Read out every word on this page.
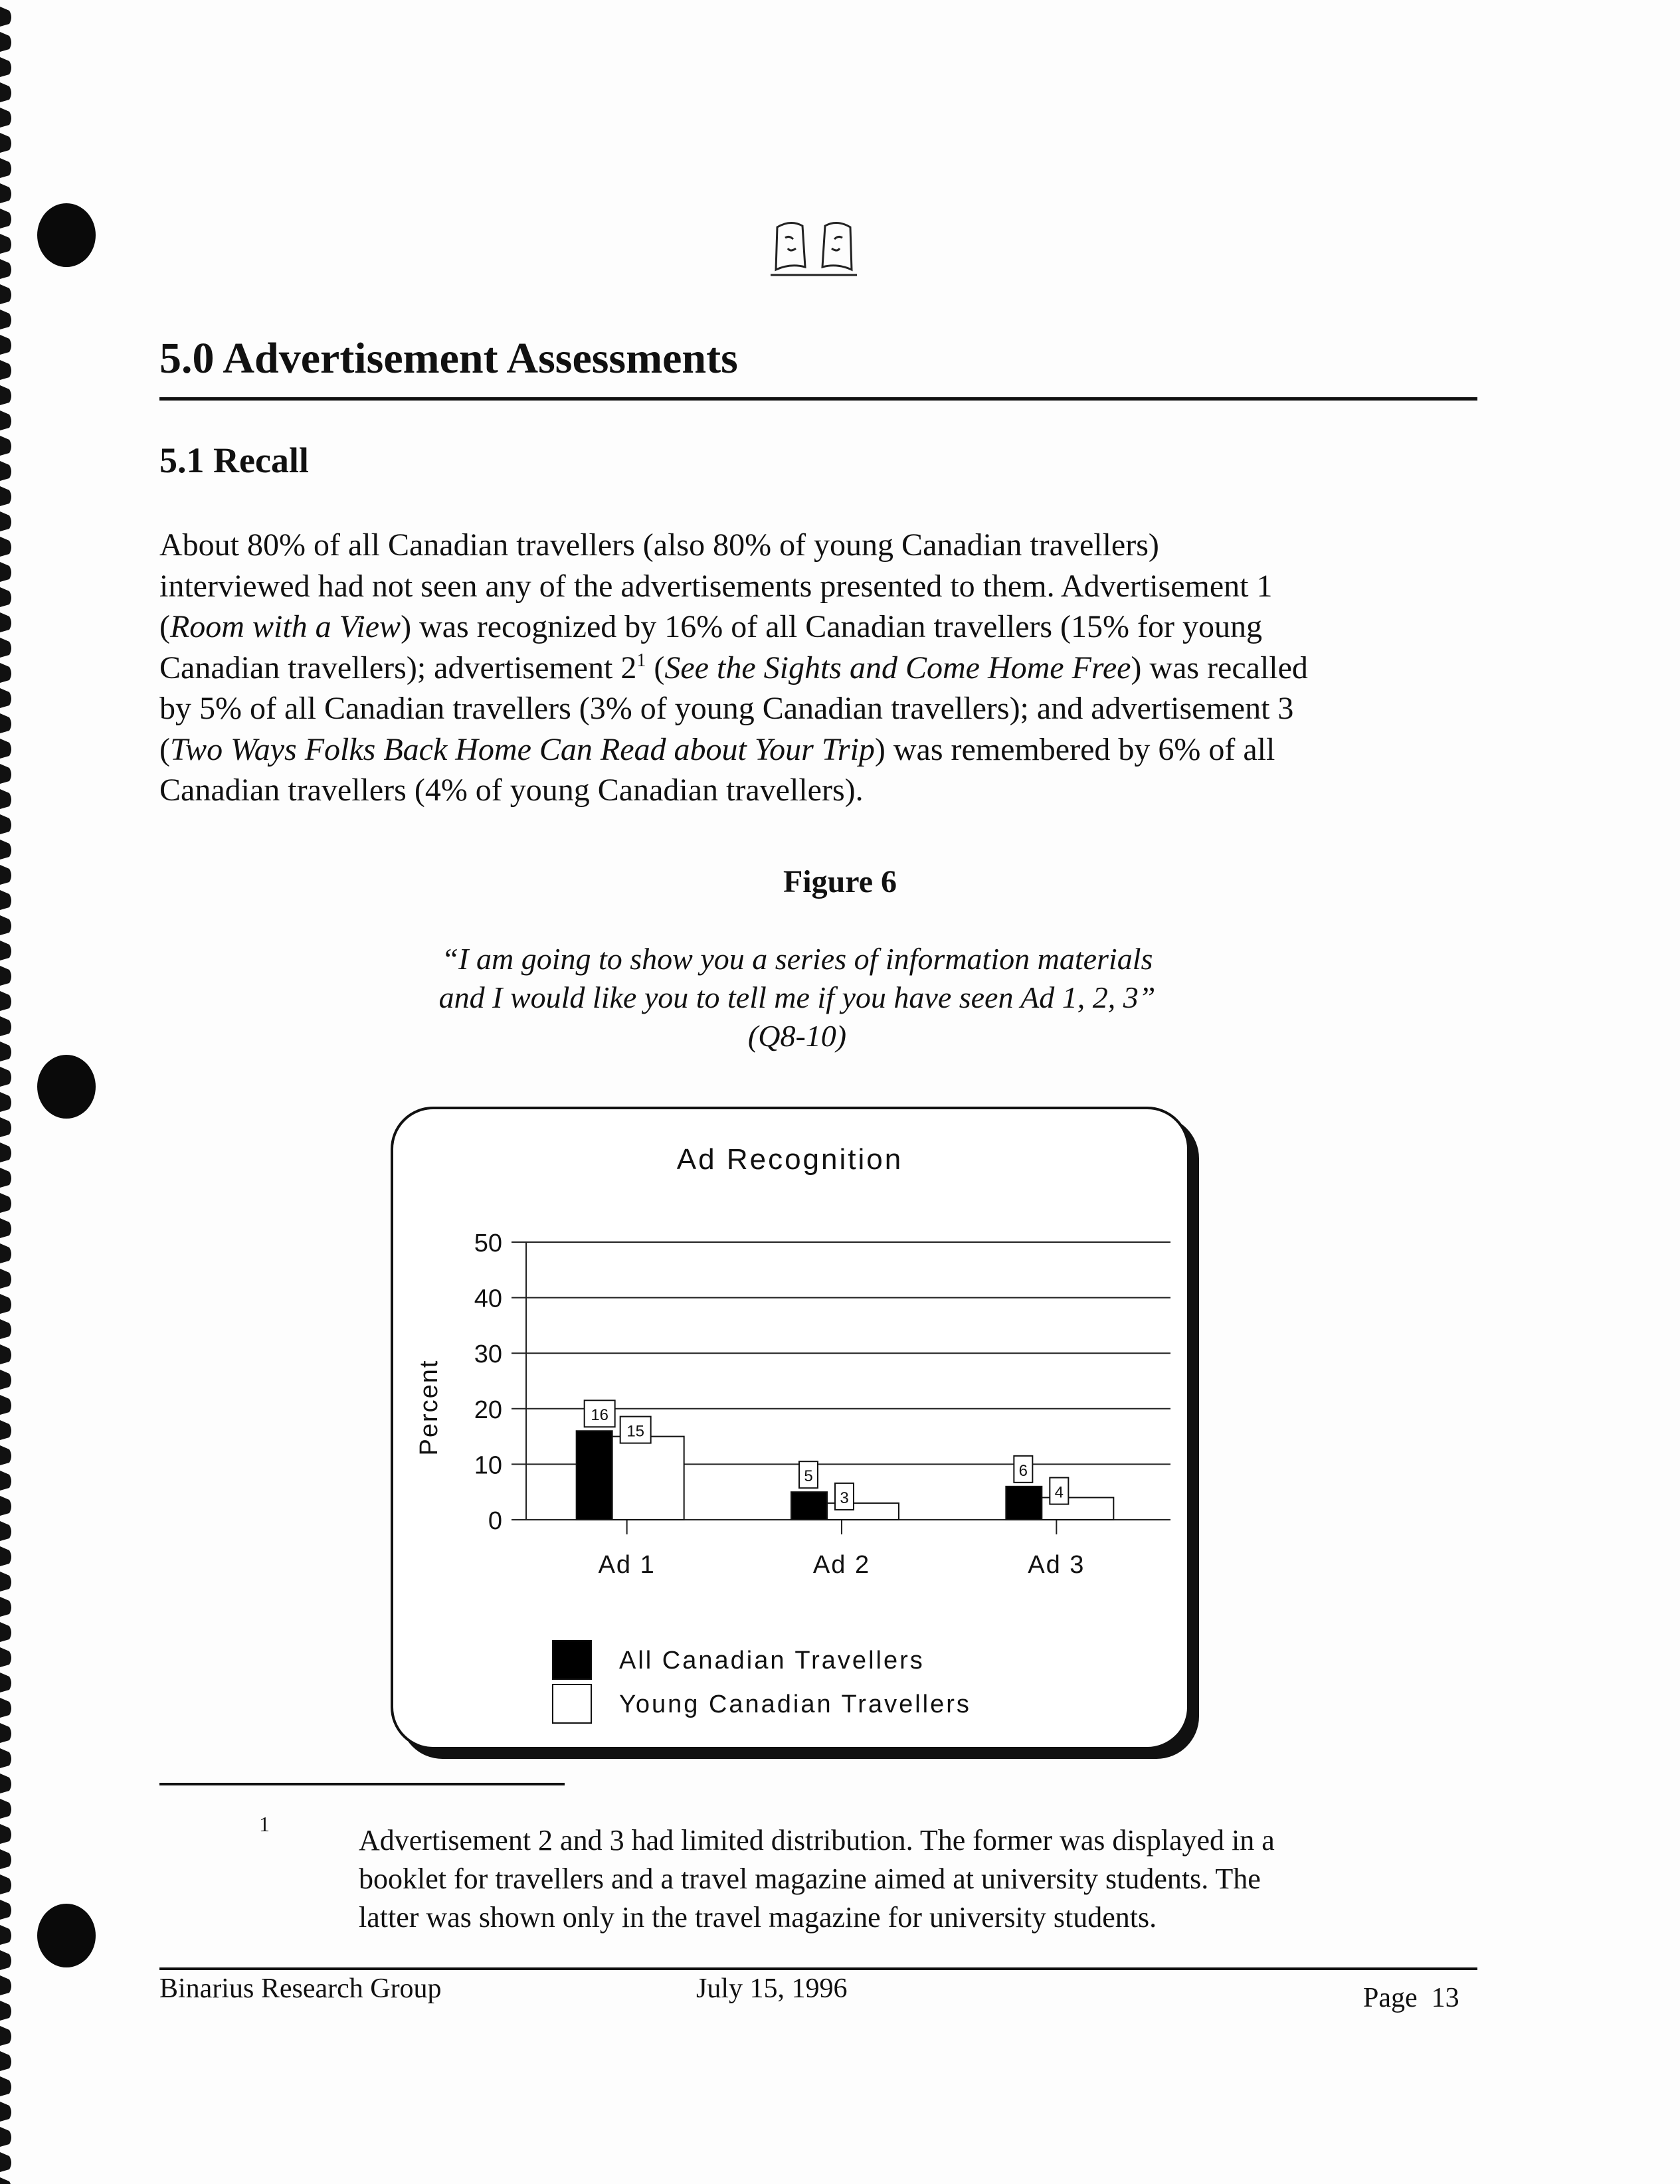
5.0 Advertisement Assessments
5.1 Recall

About 80% of all Canadian travellers (also 80% of young Canadian travellers)

interviewed had not seen any of the advertisements presented to them. Advertisement 1

(Room with a View) was recognized by 16% of all Canadian travellers (15% for young

Canadian travellers); advertisement $2^1$ (See the Sights and Come Home Free) was recalled

by 5% of all Canadian travellers (3% of young Canadian travellers); and advertisement 3

(Two Ways Folks Back Home Can Read about Your Trip) was remembered by 6% of all

Canadian travellers (4% of young Canadian travellers).

Figure 6
“I am going to show you a series of information materials
and I would like you to tell me if you have seen Ad 1, 2, 3”
(Q8-10)
Ad Recognition
0
10
20
30
40
50
Percent
Ad 1
16
15
Ad 2
5
3
Ad 3
6
4
All Canadian Travellers
Young Canadian Travellers
1	Advertisement 2 and 3 had limited distribution. The former was displayed in a
booklet for travellers and a travel magazine aimed at university students. The
latter was shown only in the travel magazine for university students.
Binarius Research Group	July 15, 1996	Page 13
